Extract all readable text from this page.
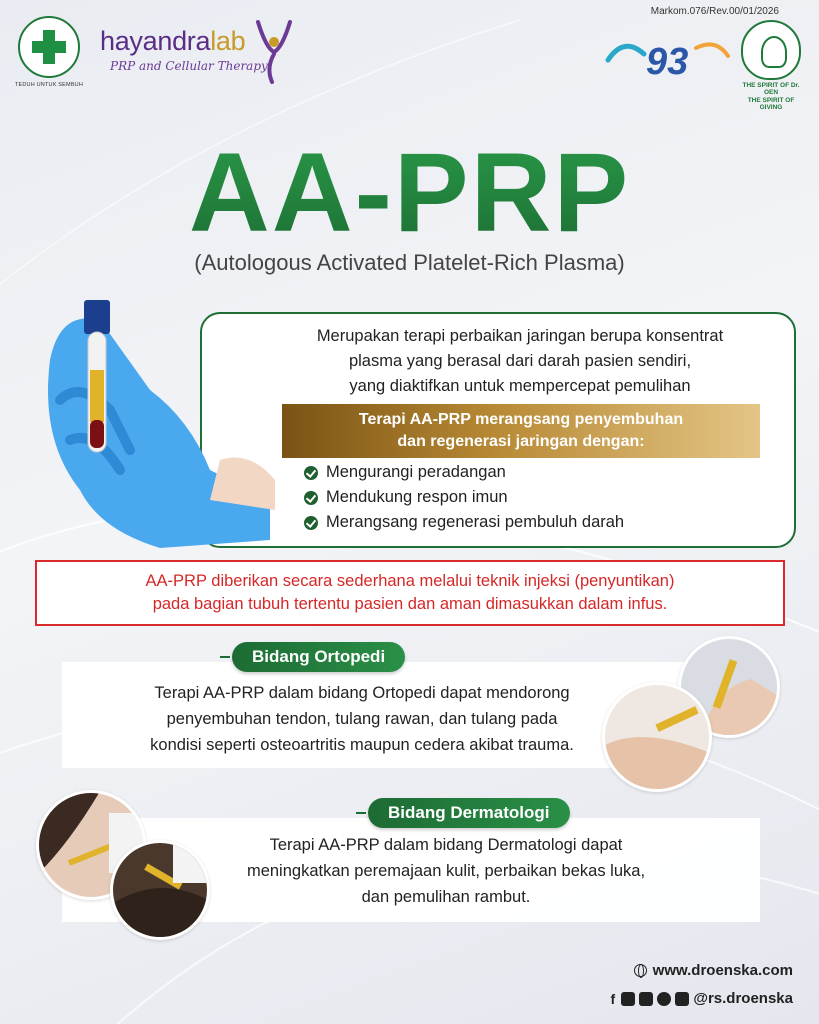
TEDUH UNTUK SEMBUH
hayandralab
PRP and Cellular Therapy
Markom.076/Rev.00/01/2026
93
THE SPIRIT OF Dr. OEN
THE SPIRIT OF GIVING
AA-PRP
(Autologous Activated Platelet-Rich Plasma)
Merupakan terapi perbaikan jaringan berupa konsentrat
plasma yang berasal dari darah pasien sendiri,
yang diaktifkan untuk mempercepat pemulihan
Terapi AA-PRP merangsang penyembuhan
dan regenerasi jaringan dengan:
Mengurangi peradangan
Mendukung respon imun
Merangsang regenerasi pembuluh darah
AA-PRP diberikan secara sederhana melalui teknik injeksi (penyuntikan)
pada bagian tubuh tertentu pasien dan aman dimasukkan dalam infus.
Terapi AA-PRP dalam bidang Ortopedi dapat mendorong
penyembuhan tendon, tulang rawan, dan tulang pada
kondisi seperti osteoartritis maupun cedera akibat trauma.
Bidang Ortopedi
Terapi AA-PRP dalam bidang Dermatologi dapat
meningkatkan peremajaan kulit, perbaikan bekas luka,
dan pemulihan rambut.
Bidang Dermatologi
www.droenska.com
f	@rs.droenska
